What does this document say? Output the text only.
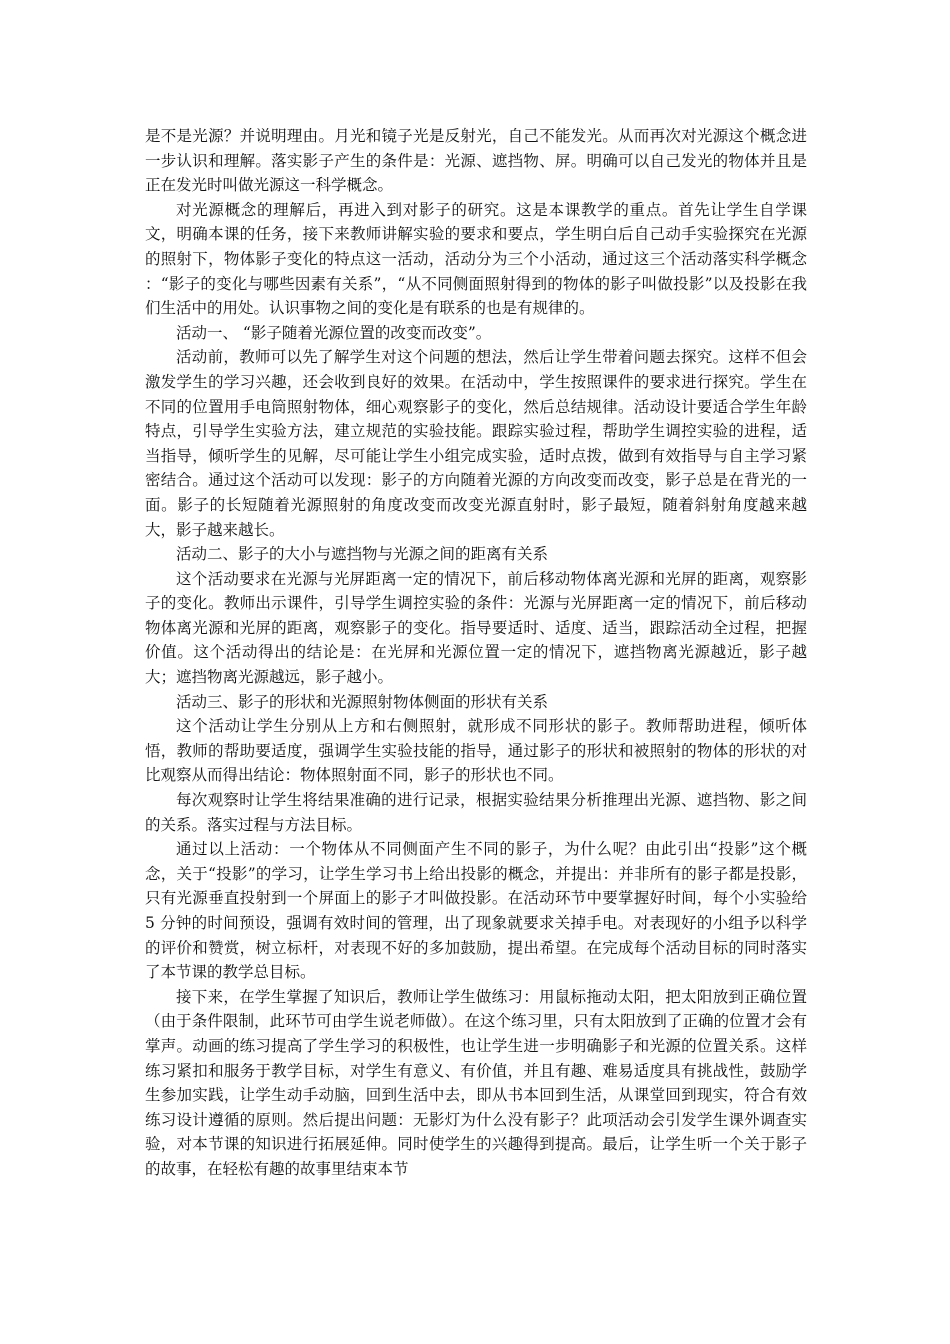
是不是光源？并说明理由。月光和镜子光是反射光，自己不能发光。从而再次对光源这个概念进一步认识和理解。落实影子产生的条件是：光源、遮挡物、屏。明确可以自己发光的物体并且是正在发光时叫做光源这一科学概念。

对光源概念的理解后，再进入到对影子的研究。这是本课教学的重点。首先让学生自学课文，明确本课的任务，接下来教师讲解实验的要求和要点，学生明白后自己动手实验探究在光源的照射下，物体影子变化的特点这一活动，活动分为三个小活动，通过这三个活动落实科学概念 ：“影子的变化与哪些因素有关系”，“从不同侧面照射得到的物体的影子叫做投影”以及投影在我们生活中的用处。认识事物之间的变化是有联系的也是有规律的。

活动一、 “影子随着光源位置的改变而改变”。

活动前，教师可以先了解学生对这个问题的想法，然后让学生带着问题去探究。这样不但会激发学生的学习兴趣，还会收到良好的效果。在活动中，学生按照课件的要求进行探究。学生在不同的位置用手电筒照射物体，细心观察影子的变化，然后总结规律。活动设计要适合学生年龄特点，引导学生实验方法，建立规范的实验技能。跟踪实验过程，帮助学生调控实验的进程，适当指导，倾听学生的见解，尽可能让学生小组完成实验，适时点拨，做到有效指导与自主学习紧密结合。通过这个活动可以发现：影子的方向随着光源的方向改变而改变，影子总是在背光的一面。影子的长短随着光源照射的角度改变而改变光源直射时，影子最短，随着斜射角度越来越大，影子越来越长。

活动二、影子的大小与遮挡物与光源之间的距离有关系

这个活动要求在光源与光屏距离一定的情况下，前后移动物体离光源和光屏的距离，观察影子的变化。教师出示课件，引导学生调控实验的条件：光源与光屏距离一定的情况下，前后移动物体离光源和光屏的距离，观察影子的变化。指导要适时、适度、适当，跟踪活动全过程，把握价值。这个活动得出的结论是：在光屏和光源位置一定的情况下，遮挡物离光源越近，影子越大；遮挡物离光源越远，影子越小。

活动三、影子的形状和光源照射物体侧面的形状有关系

这个活动让学生分别从上方和右侧照射，就形成不同形状的影子。教师帮助进程，倾听体悟，教师的帮助要适度，强调学生实验技能的指导，通过影子的形状和被照射的物体的形状的对比观察从而得出结论：物体照射面不同，影子的形状也不同。

每次观察时让学生将结果准确的进行记录，根据实验结果分析推理出光源、遮挡物、影之间的关系。落实过程与方法目标。

通过以上活动：一个物体从不同侧面产生不同的影子，为什么呢？由此引出“投影”这个概念，关于“投影”的学习，让学生学习书上给出投影的概念，并提出：并非所有的影子都是投影，只有光源垂直投射到一个屏面上的影子才叫做投影。在活动环节中要掌握好时间，每个小实验给 5 分钟的时间预设，强调有效时间的管理，出了现象就要求关掉手电。对表现好的小组予以科学的评价和赞赏，树立标杆，对表现不好的多加鼓励，提出希望。在完成每个活动目标的同时落实了本节课的教学总目标。

接下来，在学生掌握了知识后，教师让学生做练习：用鼠标拖动太阳，把太阳放到正确位置（由于条件限制，此环节可由学生说老师做）。在这个练习里，只有太阳放到了正确的位置才会有掌声。动画的练习提高了学生学习的积极性，也让学生进一步明确影子和光源的位置关系。这样练习紧扣和服务于教学目标，对学生有意义、有价值，并且有趣、难易适度具有挑战性，鼓励学生参加实践，让学生动手动脑，回到生活中去，即从书本回到生活，从课堂回到现实，符合有效练习设计遵循的原则。然后提出问题：无影灯为什么没有影子？此项活动会引发学生课外调查实验，对本节课的知识进行拓展延伸。同时使学生的兴趣得到提高。最后，让学生听一个关于影子的故事，在轻松有趣的故事里结束本节
